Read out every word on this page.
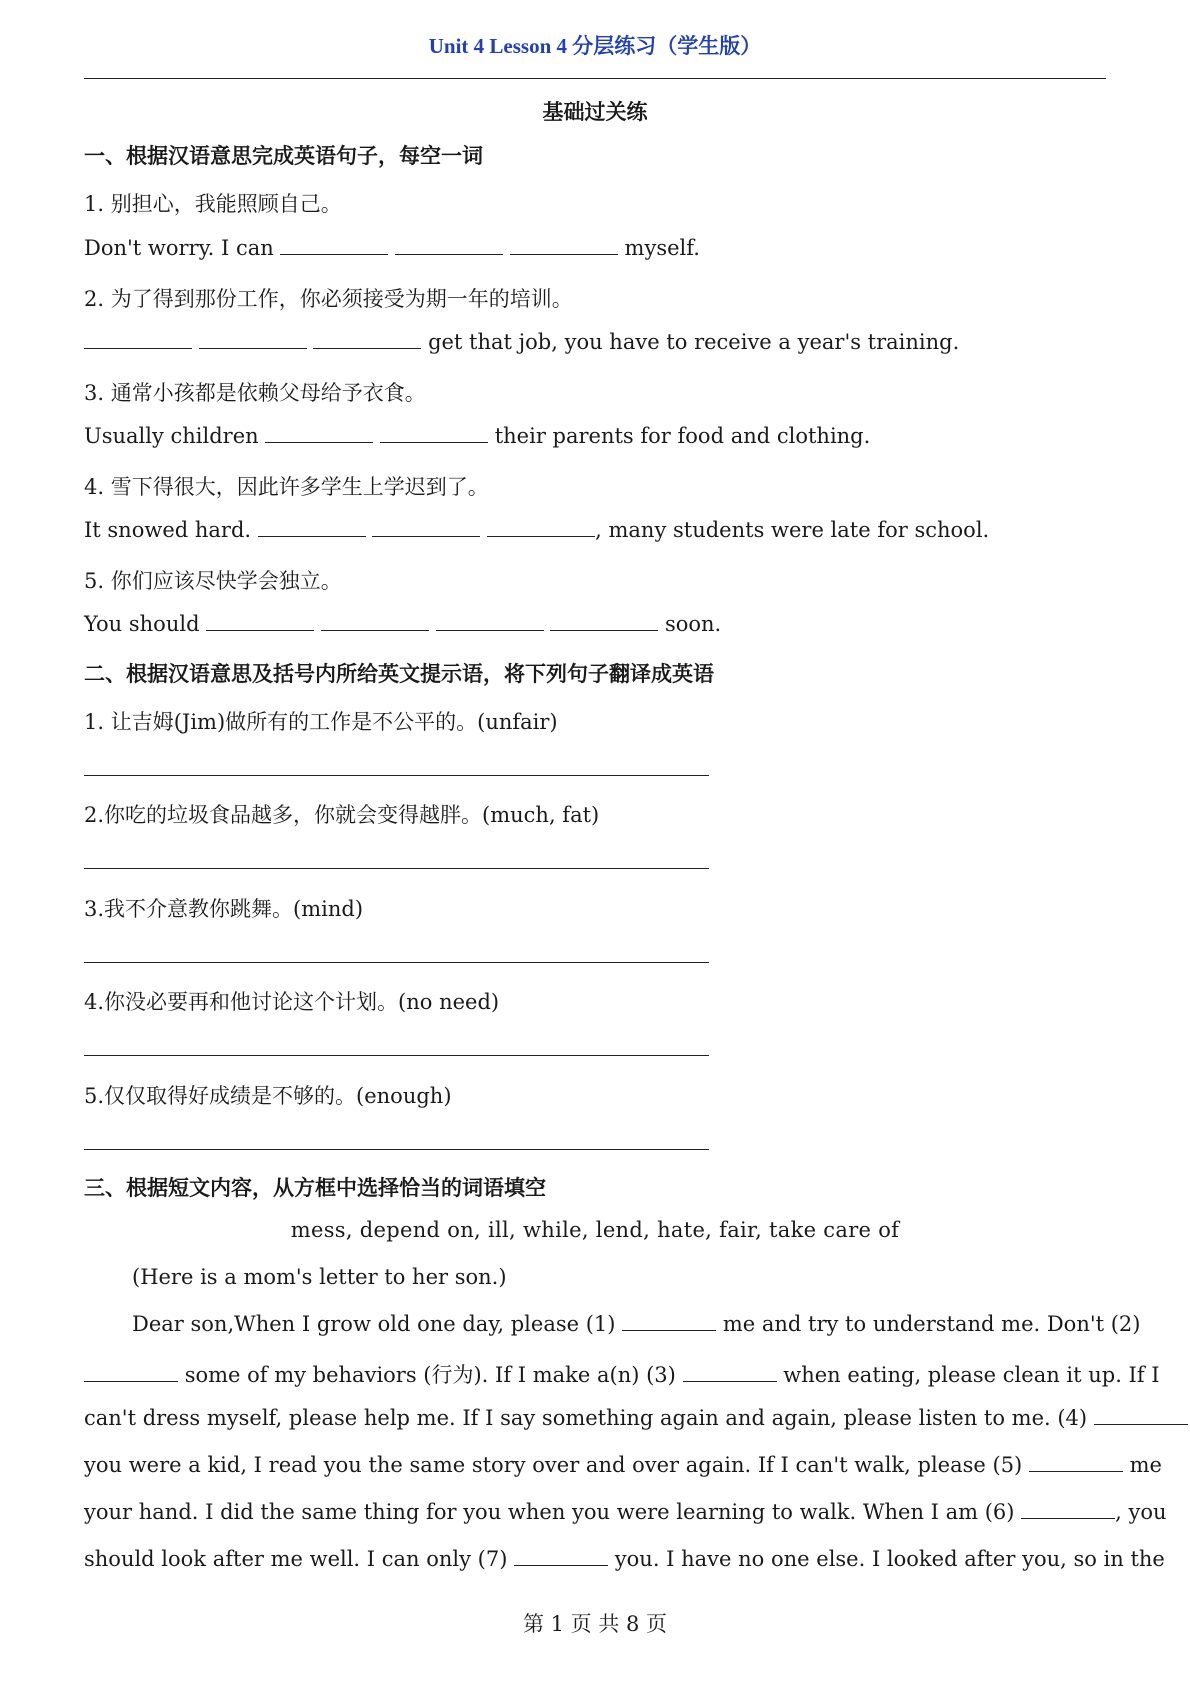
Unit 4 Lesson 4 分层练习（学生版）
基础过关练
一、根据汉语意思完成英语句子，每空一词
1. 别担心，我能照顾自己。
Don't worry. I can	myself.
2. 为了得到那份工作，你必须接受为期一年的培训。
get that job, you have to receive a year's training.
3. 通常小孩都是依赖父母给予衣食。
Usually children	their parents for food and clothing.
4. 雪下得很大，因此许多学生上学迟到了。
It snowed hard.	, many students were late for school.
5. 你们应该尽快学会独立。
You should	soon.
二、根据汉语意思及括号内所给英文提示语，将下列句子翻译成英语
1. 让吉姆(Jim)做所有的工作是不公平的。(unfair)
2.你吃的垃圾食品越多，你就会变得越胖。(much, fat)
3.我不介意教你跳舞。(mind)
4.你没必要再和他讨论这个计划。(no need)
5.仅仅取得好成绩是不够的。(enough)
三、根据短文内容，从方框中选择恰当的词语填空
mess, depend on, ill, while, lend, hate, fair, take care of
(Here is a mom's letter to her son.)
Dear son,When I grow old one day, please (1)	me and try to understand me. Don't (2)
some of my behaviors (行为). If I make a(n) (3)	when eating, please clean it up. If I
can't dress myself, please help me. If I say something again and again, please listen to me. (4)
you were a kid, I read you the same story over and over again. If I can't walk, please (5)	me
your hand. I did the same thing for you when you were learning to walk. When I am (6)	, you
should look after me well. I can only (7)	you. I have no one else. I looked after you, so in the
第 1 页 共 8 页
